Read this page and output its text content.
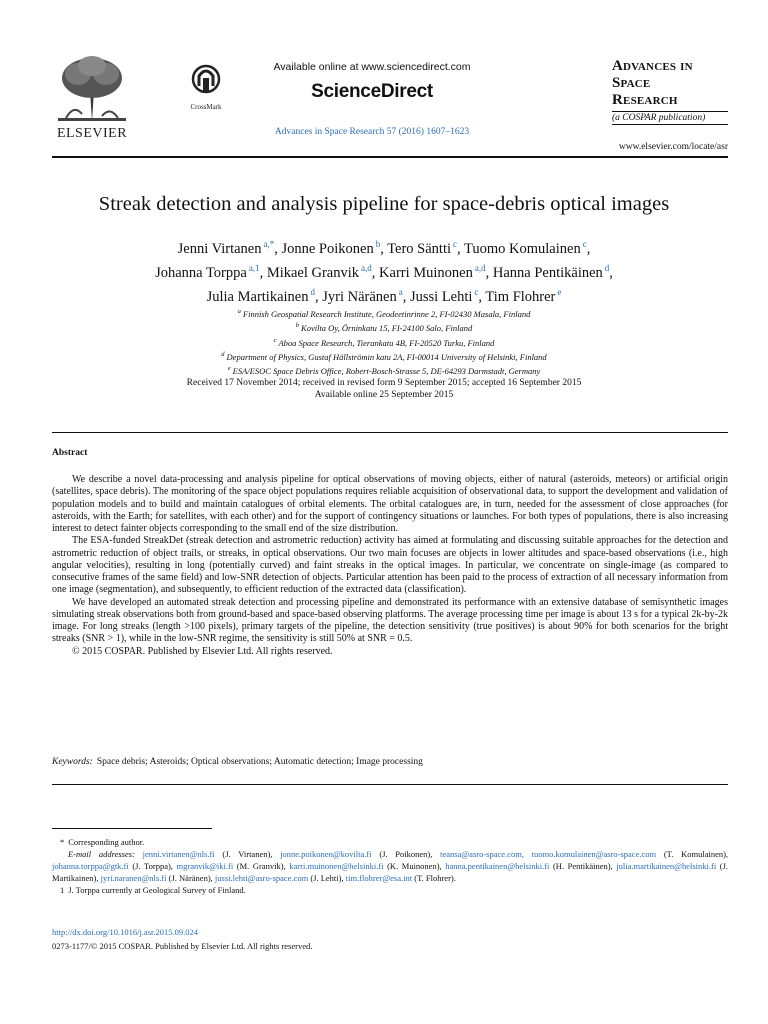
ELSEVIER
CrossMark
Available online at www.sciencedirect.com
ScienceDirect
Advances in Space Research 57 (2016) 1607–1623
Advances in
Space
Research
(a COSPAR publication)
www.elsevier.com/locate/asr
Streak detection and analysis pipeline for space-debris optical images
Jenni Virtanen $^{a,*}$, Jonne Poikonen $^b$, Tero Säntti $^c$, Tuomo Komulainen $^c$,
Johanna Torppa $^{a,1}$, Mikael Granvik $^{a,d}$, Karri Muinonen $^{a,d}$, Hanna Pentikäinen $^d$,
Julia Martikainen $^d$, Jyri Näränen $^a$, Jussi Lehti $^c$, Tim Flohrer $^e$
$^a$ Finnish Geospatial Research Institute, Geodeetinrinne 2, FI-02430 Masala, Finland
$^b$ Kovilta Oy, Örninkatu 15, FI-24100 Salo, Finland
$^c$ Aboa Space Research, Tierankatu 4B, FI-20520 Turku, Finland
$^d$ Department of Physics, Gustaf Hällströmin katu 2A, FI-00014 University of Helsinki, Finland
$^e$ ESA/ESOC Space Debris Office, Robert-Bosch-Strasse 5, DE-64293 Darmstadt, Germany
Received 17 November 2014; received in revised form 9 September 2015; accepted 16 September 2015
Available online 25 September 2015
Abstract

We describe a novel data-processing and analysis pipeline for optical observations of moving objects, either of natural (asteroids, meteors) or artificial origin (satellites, space debris). The monitoring of the space object populations requires reliable acquisition of observational data, to support the development and validation of population models and to build and maintain catalogues of orbital elements. The orbital catalogues are, in turn, needed for the assessment of close approaches (for asteroids, with the Earth; for satellites, with each other) and for the support of contingency situations or launches. For both types of populations, there is also increasing interest to detect fainter objects corresponding to the small end of the size distribution.

The ESA-funded StreakDet (streak detection and astrometric reduction) activity has aimed at formulating and discussing suitable approaches for the detection and astrometric reduction of object trails, or streaks, in optical observations. Our two main focuses are objects in lower altitudes and space-based observations (i.e., high angular velocities), resulting in long (potentially curved) and faint streaks in the optical images. In particular, we concentrate on single-image (as compared to consecutive frames of the same field) and low-SNR detection of objects. Particular attention has been paid to the process of extraction of all necessary information from one image (segmentation), and subsequently, to efficient reduction of the extracted data (classification).

We have developed an automated streak detection and processing pipeline and demonstrated its performance with an extensive database of semisynthetic images simulating streak observations both from ground-based and space-based observing platforms. The average processing time per image is about 13 s for a typical 2k-by-2k image. For long streaks (length >100 pixels), primary targets of the pipeline, the detection sensitivity (true positives) is about 90% for both scenarios for the bright streaks (SNR > 1), while in the low-SNR regime, the sensitivity is still 50% at SNR = 0.5.

© 2015 COSPAR. Published by Elsevier Ltd. All rights reserved.

Keywords: Space debris; Asteroids; Optical observations; Automatic detection; Image processing
* Corresponding author.
E-mail addresses: jenni.virtanen@nls.fi (J. Virtanen), jonne.poikonen@kovilta.fi (J. Poikonen), teansa@asro-space.com, tuomo.komulainen@asro-space.com (T. Komulainen), johanna.torppa@gtk.fi (J. Torppa), mgranvik@iki.fi (M. Granvik), karri.muinonen@helsinki.fi (K. Muinonen), hanna.pentikainen@helsinki.fi (H. Pentikäinen), julia.martikainen@helsinki.fi (J. Martikainen), jyri.naranen@nls.fi (J. Näränen), jussi.lehti@asro-space.com (J. Lehti), tim.flohrer@esa.int (T. Flohrer).
1 J. Torppa currently at Geological Survey of Finland.
http://dx.doi.org/10.1016/j.asr.2015.09.024
0273-1177/© 2015 COSPAR. Published by Elsevier Ltd. All rights reserved.
